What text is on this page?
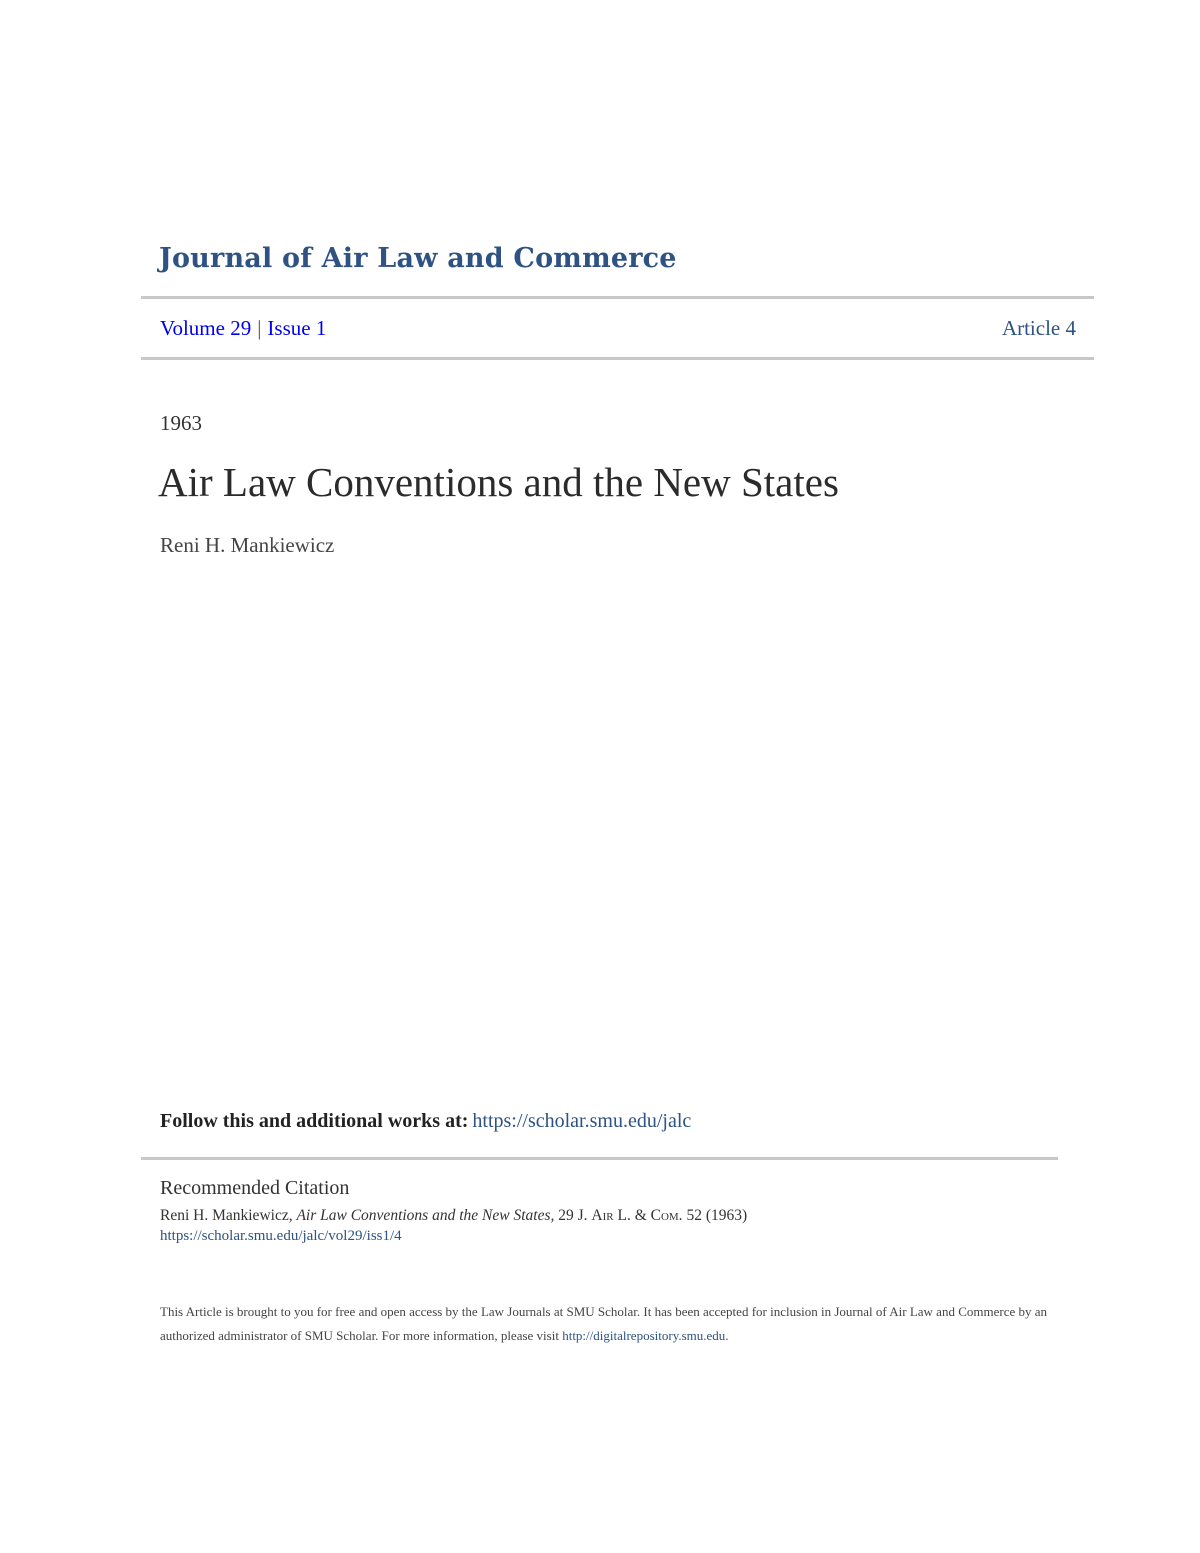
Journal of Air Law and Commerce
Volume 29 | Issue 1	Article 4
1963
Air Law Conventions and the New States
Reni H. Mankiewicz
Follow this and additional works at: https://scholar.smu.edu/jalc
Recommended Citation
Reni H. Mankiewicz, Air Law Conventions and the New States, 29 J. Air L. & Com. 52 (1963)
https://scholar.smu.edu/jalc/vol29/iss1/4
This Article is brought to you for free and open access by the Law Journals at SMU Scholar. It has been accepted for inclusion in Journal of Air Law and Commerce by an authorized administrator of SMU Scholar. For more information, please visit http://digitalrepository.smu.edu.
